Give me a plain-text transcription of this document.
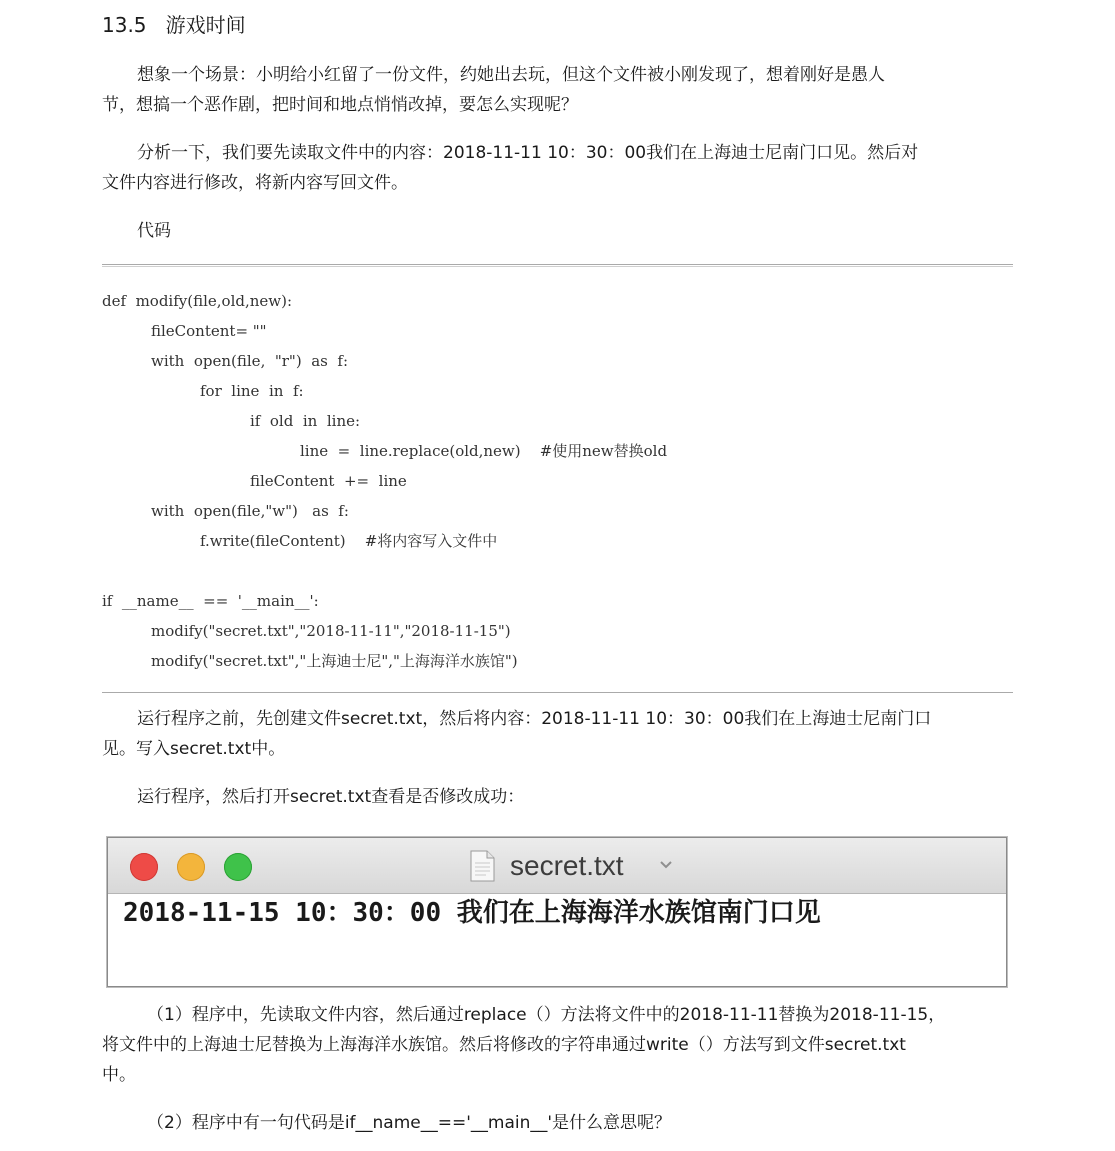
13.5 游戏时间
想象一个场景：小明给小红留了一份文件，约她出去玩，但这个文件被小刚发现了，想着刚好是愚人
节，想搞一个恶作剧，把时间和地点悄悄改掉，要怎么实现呢？
分析一下，我们要先读取文件中的内容：2018-11-11 10：30：00我们在上海迪士尼南门口见。然后对
文件内容进行修改，将新内容写回文件。
代码
def  modify(file,old,new):
fileContent= ""
with  open(file,  "r")  as  f:
for  line  in  f:
if  old  in  line:
line  =  line.replace(old,new)    #使用new替换old
fileContent  +=  line
with  open(file,"w")   as  f:
f.write(fileContent)    #将内容写入文件中
if  __name__  ==  '__main__':
modify("secret.txt","2018-11-11","2018-11-15")
modify("secret.txt","上海迪士尼","上海海洋水族馆")
运行程序之前，先创建文件secret.txt，然后将内容：2018-11-11 10：30：00我们在上海迪士尼南门口
见。写入secret.txt中。
运行程序，然后打开secret.txt查看是否修改成功：
secret.txt
2018-11-15 10：30：00 我们在上海海洋水族馆南门口见
（1）程序中，先读取文件内容，然后通过replace（）方法将文件中的2018-11-11替换为2018-11-15，
将文件中的上海迪士尼替换为上海海洋水族馆。然后将修改的字符串通过write（）方法写到文件secret.txt
中。
（2）程序中有一句代码是if__name__=='__main__'是什么意思呢？
